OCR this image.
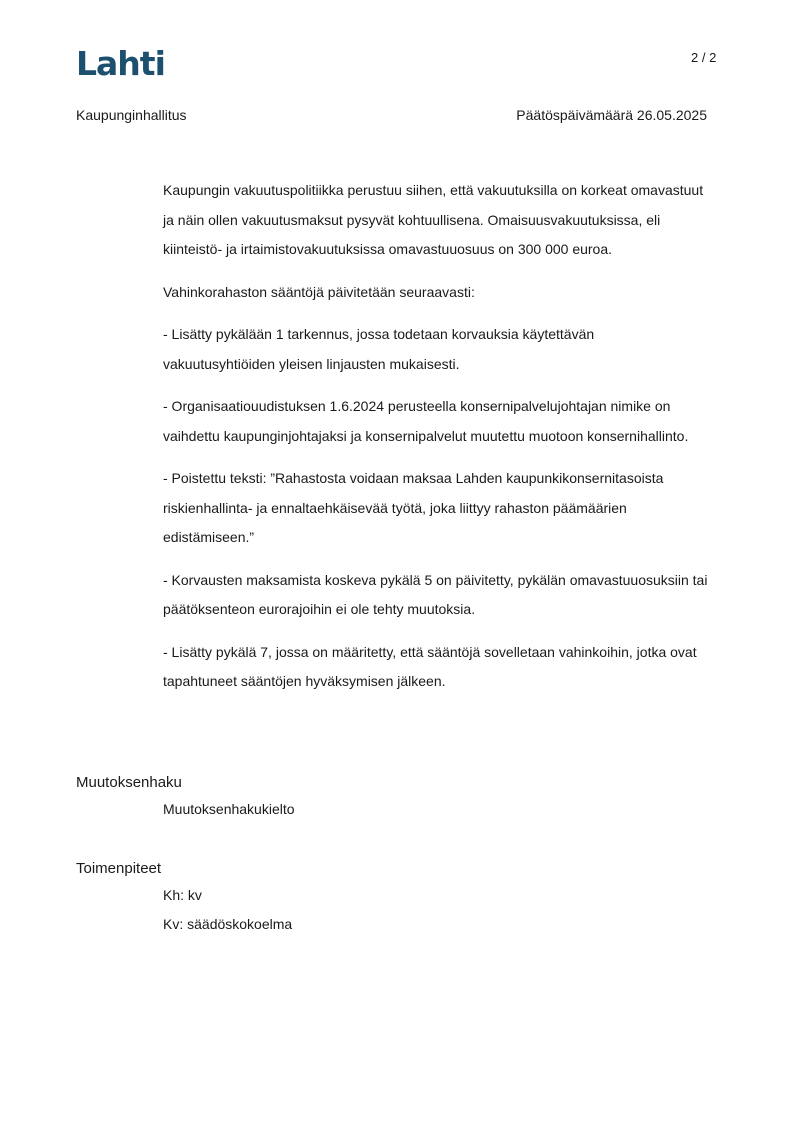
Lahti	2 / 2
Kaupunginhallitus	Päätöspäivämäärä 26.05.2025

Kaupungin vakuutuspolitiikka perustuu siihen, että vakuutuksilla on korkeat omavastuut ja näin ollen vakuutusmaksut pysyvät kohtuullisena. Omaisuusvakuutuksissa, eli kiinteistö- ja irtaimistovakuutuksissa omavastuuosuus on 300 000 euroa.

Vahinkorahaston sääntöjä päivitetään seuraavasti:

- Lisätty pykälään 1 tarkennus, jossa todetaan korvauksia käytettävän vakuutusyhtiöiden yleisen linjausten mukaisesti.

- Organisaatiouudistuksen 1.6.2024 perusteella konsernipalvelujohtajan nimike on vaihdettu kaupunginjohtajaksi ja konsernipalvelut muutettu muotoon konsernihallinto.

- Poistettu teksti: ”Rahastosta voidaan maksaa Lahden kaupunkikonsernitasoista riskienhallinta- ja ennaltaehkäisevää työtä, joka liittyy rahaston päämäärien edistämiseen.”

- Korvausten maksamista koskeva pykälä 5 on päivitetty, pykälän omavastuuosuksiin tai päätöksenteon eurorajoihin ei ole tehty muutoksia.

- Lisätty pykälä 7, jossa on määritetty, että sääntöjä sovelletaan vahinkoihin, jotka ovat tapahtuneet sääntöjen hyväksymisen jälkeen.

Muutoksenhaku
Muutoksenhakukielto
Toimenpiteet
Kh: kv
Kv: säädöskokoelma
